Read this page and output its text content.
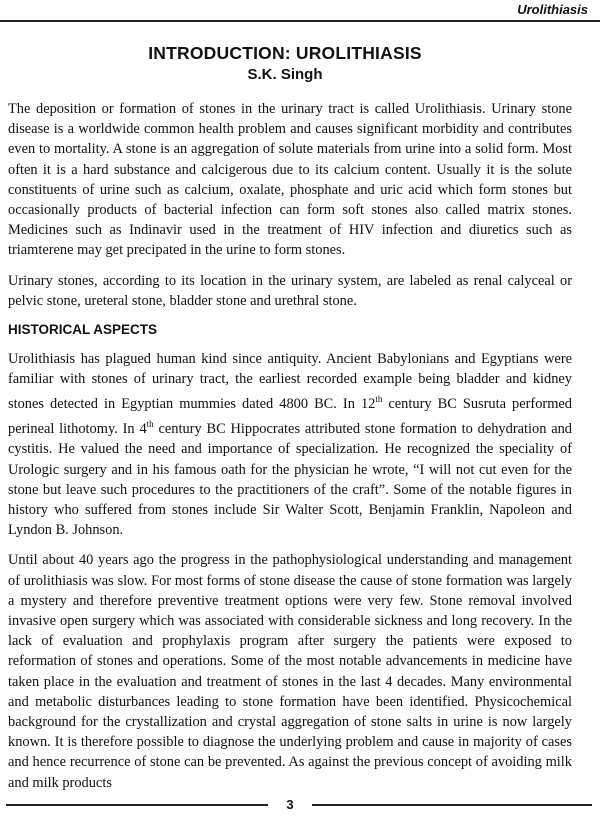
Urolithiasis
INTRODUCTION: UROLITHIASIS
S.K. Singh

The deposition or formation of stones in the urinary tract is called Urolithiasis. Urinary stone disease is a worldwide common health problem and causes significant morbidity and contributes even to mortality. A stone is an aggregation of solute materials from urine into a solid form. Most often it is a hard substance and calcigerous due to its calcium content. Usually it is the solute constituents of urine such as calcium, oxalate, phosphate and uric acid which form stones but occasionally products of bacterial infection can form soft stones also called matrix stones. Medicines such as Indinavir used in the treatment of HIV infection and diuretics such as triamterene may get precipated in the urine to form stones.

Urinary stones, according to its location in the urinary system, are labeled as renal calyceal or pelvic stone, ureteral stone, bladder stone and urethral stone.

HISTORICAL ASPECTS

Urolithiasis has plagued human kind since antiquity. Ancient Babylonians and Egyptians were familiar with stones of urinary tract, the earliest recorded example being bladder and kidney stones detected in Egyptian mummies dated 4800 BC. In 12th century BC Susruta performed perineal lithotomy. In 4th century BC Hippocrates attributed stone formation to dehydration and cystitis. He valued the need and importance of specialization. He recognized the speciality of Urologic surgery and in his famous oath for the physician he wrote, “I will not cut even for the stone but leave such procedures to the practitioners of the craft”. Some of the notable figures in history who suffered from stones include Sir Walter Scott, Benjamin Franklin, Napoleon and Lyndon B. Johnson.

Until about 40 years ago the progress in the pathophysiological understanding and management of urolithiasis was slow. For most forms of stone disease the cause of stone formation was largely a mystery and therefore preventive treatment options were very few. Stone removal involved invasive open surgery which was associated with considerable sickness and long recovery. In the lack of evaluation and prophylaxis program after surgery the patients were exposed to reformation of stones and operations. Some of the most notable advancements in medicine have taken place in the evaluation and treatment of stones in the last 4 decades. Many environmental and metabolic disturbances leading to stone formation have been identified. Physicochemical background for the crystallization and crystal aggregation of stone salts in urine is now largely known. It is therefore possible to diagnose the underlying problem and cause in majority of cases and hence recurrence of stone can be prevented. As against the previous concept of avoiding milk and milk products

3
